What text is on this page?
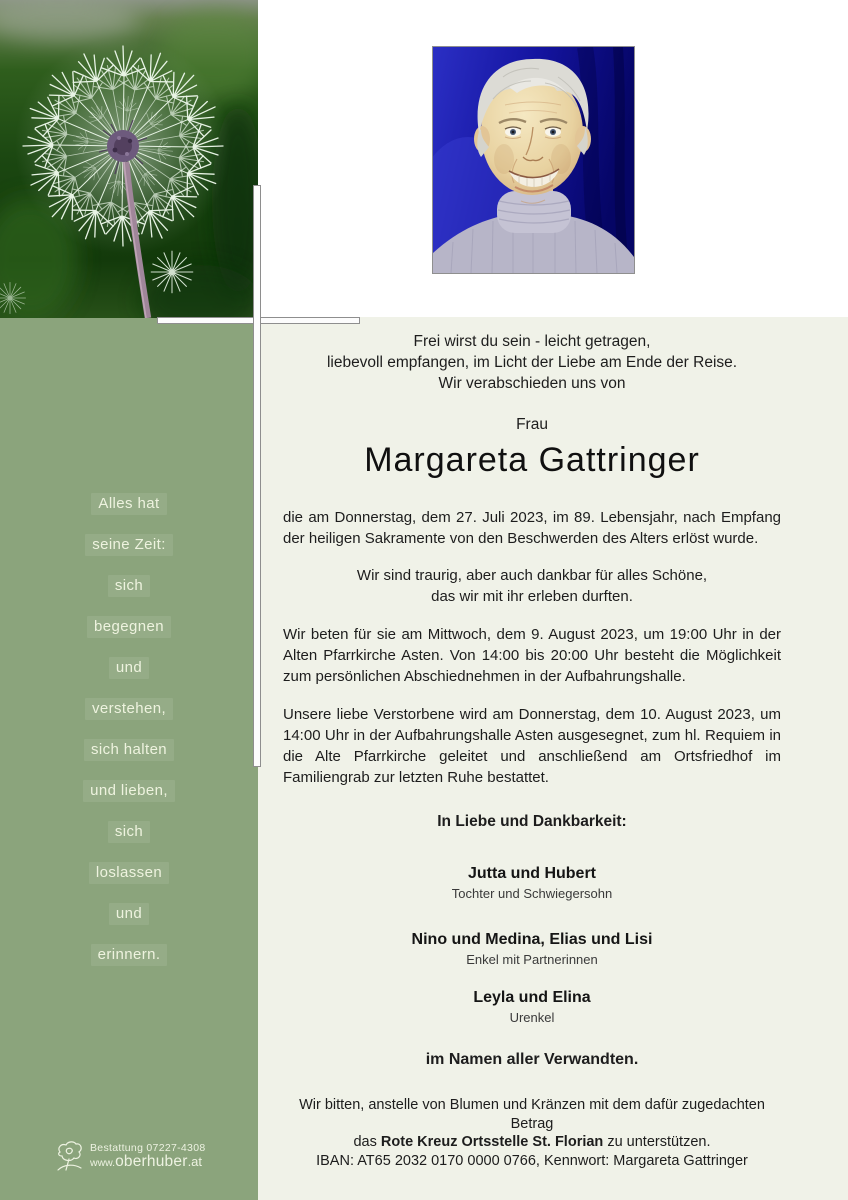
Alles hat
seine Zeit:
sich
begegnen
und
verstehen,
sich halten
und lieben,
sich
loslassen
und
erinnern.
Bestattung 07227-4308
www.oberhuber.at
Frei wirst du sein - leicht getragen,
liebevoll empfangen, im Licht der Liebe am Ende der Reise.
Wir verabschieden uns von
Frau
Margareta Gattringer

die am Donnerstag, dem 27. Juli 2023, im 89. Lebensjahr, nach Empfang der heiligen Sakramente von den Beschwerden des Alters erlöst wurde.

Wir sind traurig, aber auch dankbar für alles Schöne,
das wir mit ihr erleben durften.

Wir beten für sie am Mittwoch, dem 9. August 2023, um 19:00 Uhr in der Alten Pfarrkirche Asten. Von 14:00 bis 20:00 Uhr besteht die Möglichkeit zum persönlichen Abschiednehmen in der Aufbahrungshalle.

Unsere liebe Verstorbene wird am Donnerstag, dem 10. August 2023, um 14:00 Uhr in der Aufbahrungshalle Asten ausgesegnet, zum hl. Requiem in die Alte Pfarrkirche geleitet und anschließend am Ortsfriedhof im Familiengrab zur letzten Ruhe bestattet.

In Liebe und Dankbarkeit:
Jutta und Hubert
Tochter und Schwiegersohn
Nino und Medina, Elias und Lisi
Enkel mit Partnerinnen
Leyla und Elina
Urenkel
im Namen aller Verwandten.
Wir bitten, anstelle von Blumen und Kränzen mit dem dafür zugedachten Betrag
das Rote Kreuz Ortsstelle St. Florian zu unterstützen.
IBAN: AT65 2032 0170 0000 0766, Kennwort: Margareta Gattringer
